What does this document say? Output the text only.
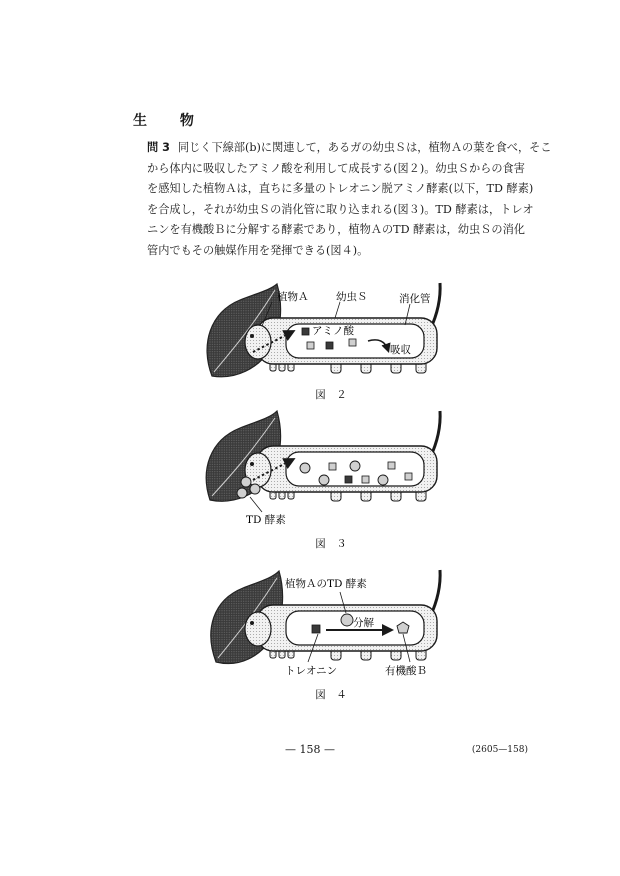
生 物
問 3 同じく下線部(b)に関連して，あるガの幼虫Ｓは，植物Ａの葉を食べ，そこ
から体内に吸収したアミノ酸を利用して成長する(図２)。幼虫Ｓからの食害
を感知した植物Ａは，直ちに多量のトレオニン脱アミノ酵素(以下，TD 酵素)
を合成し，それが幼虫Ｓの消化管に取り込まれる(図３)。TD 酵素は，トレオ
ニンを有機酸Ｂに分解する酵素であり，植物ＡのTD 酵素は，幼虫Ｓの消化
管内でもその触媒作用を発揮できる(図４)。
植物Ａ	幼虫Ｓ	消化管
アミノ酸
吸収
図　２
TD 酵素
図　３
植物ＡのTD 酵素
分解
トレオニン	有機酸Ｂ
図　４
— 158 —	(2605—158)
